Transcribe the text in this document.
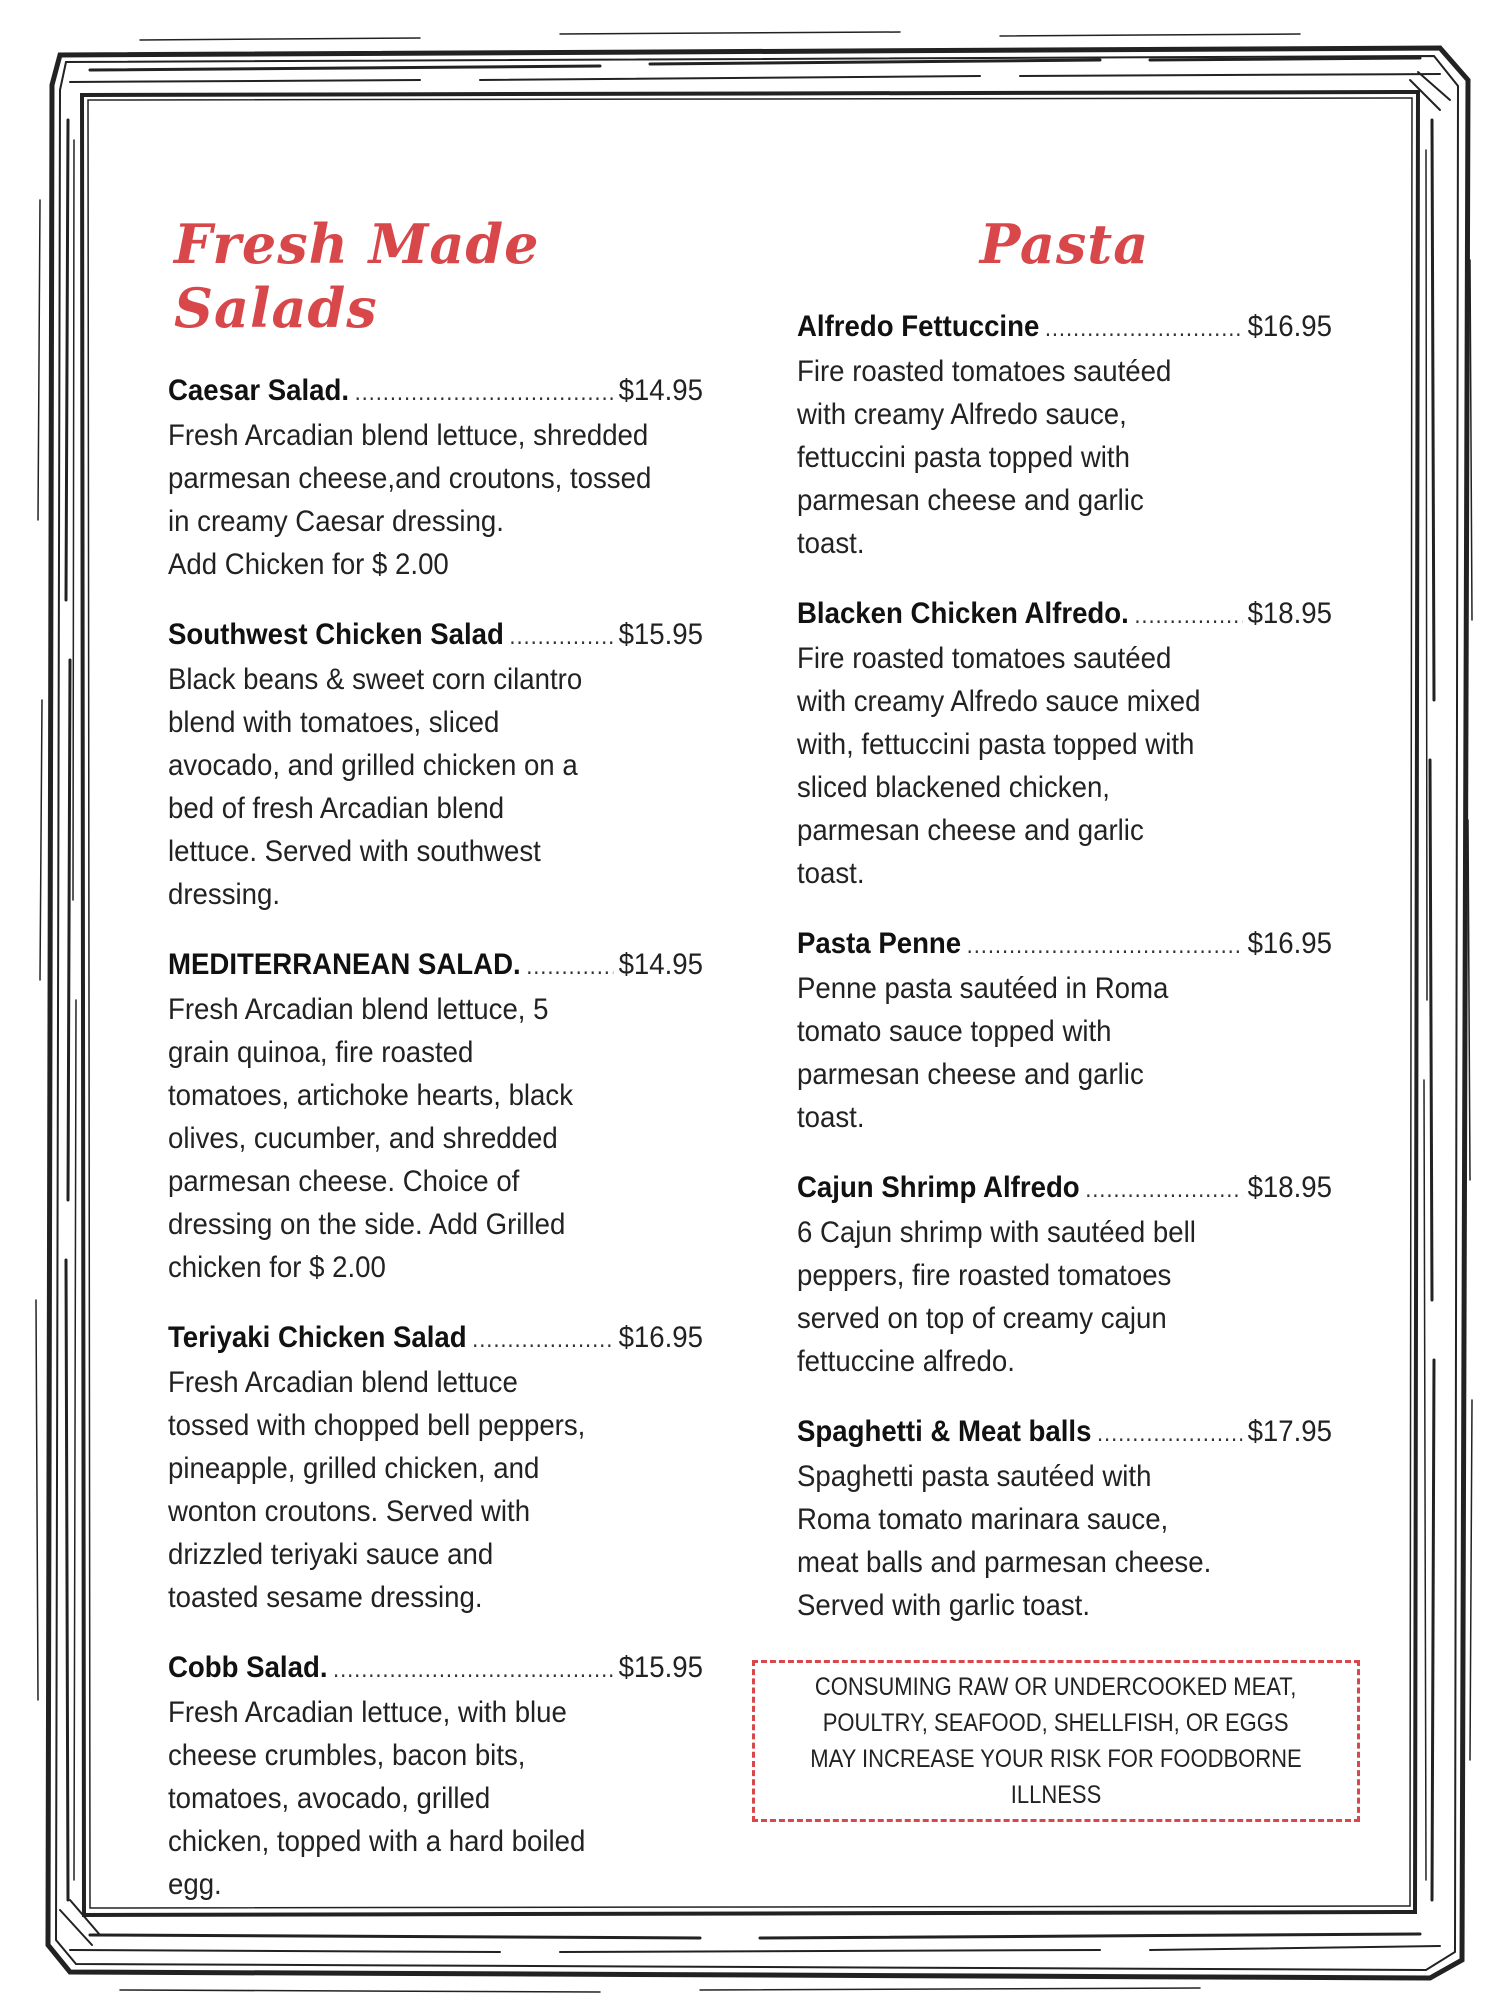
Fresh Made Salads
Caesar Salad. .....	$14.95
Fresh Arcadian blend lettuce, shredded
parmesan cheese,and croutons, tossed
in creamy Caesar dressing.
Add Chicken for $ 2.00
Southwest Chicken Salad .....	$15.95
Black beans & sweet corn cilantro
blend with tomatoes, sliced
avocado, and grilled chicken on a
bed of fresh Arcadian blend
lettuce. Served with southwest
dressing.
MEDITERRANEAN SALAD. .....	$14.95
Fresh Arcadian blend lettuce, 5
grain quinoa, fire roasted
tomatoes, artichoke hearts, black
olives, cucumber, and shredded
parmesan cheese. Choice of
dressing on the side. Add Grilled
chicken for $ 2.00
Teriyaki Chicken Salad .....	$16.95
Fresh Arcadian blend lettuce
tossed with chopped bell peppers,
pineapple, grilled chicken, and
wonton croutons. Served with
drizzled teriyaki sauce and
toasted sesame dressing.
Cobb Salad. .....	$15.95
Fresh Arcadian lettuce, with blue
cheese crumbles, bacon bits,
tomatoes, avocado, grilled
chicken, topped with a hard boiled
egg.
Pasta
Alfredo Fettuccine .....	$16.95
Fire roasted tomatoes sautéed
with creamy Alfredo sauce,
fettuccini pasta topped with
parmesan cheese and garlic
toast.
Blacken Chicken Alfredo. .....	$18.95
Fire roasted tomatoes sautéed
with creamy Alfredo sauce mixed
with, fettuccini pasta topped with
sliced blackened chicken,
parmesan cheese and garlic
toast.
Pasta Penne .....	$16.95
Penne pasta sautéed in Roma
tomato sauce topped with
parmesan cheese and garlic
toast.
Cajun Shrimp Alfredo .....	$18.95
6 Cajun shrimp with sautéed bell
peppers, fire roasted tomatoes
served on top of creamy cajun
fettuccine alfredo.
Spaghetti & Meat balls .....	$17.95
Spaghetti pasta sautéed with
Roma tomato marinara sauce,
meat balls and parmesan cheese.
Served with garlic toast.
CONSUMING RAW OR UNDERCOOKED MEAT,
POULTRY, SEAFOOD, SHELLFISH, OR EGGS
MAY INCREASE YOUR RISK FOR FOODBORNE ILLNESS
